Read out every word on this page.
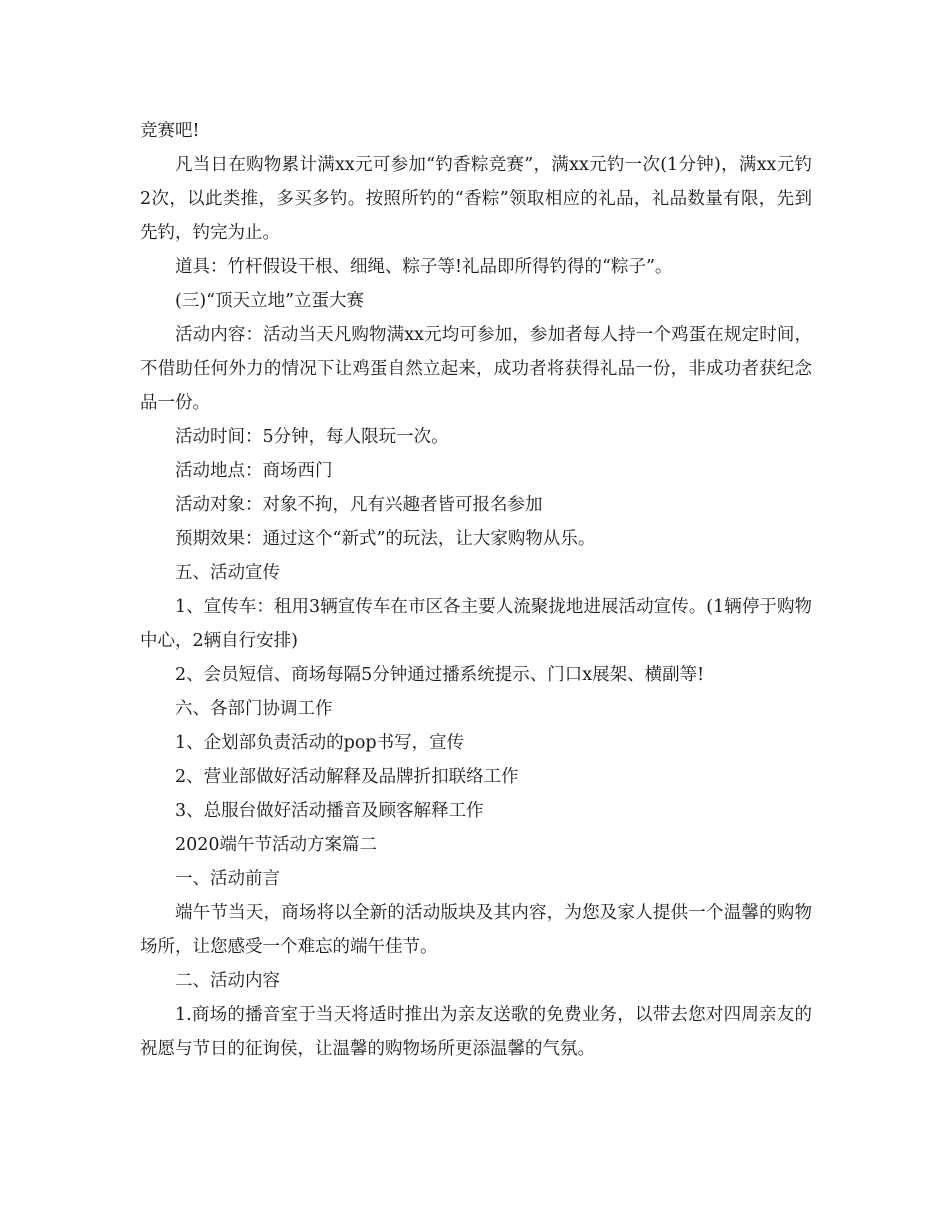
竞赛吧!

凡当日在购物累计满xx元可参加“钓香粽竞赛”，满xx元钓一次(1分钟)，满xx元钓2次，以此类推，多买多钓。按照所钓的“香粽”领取相应的礼品，礼品数量有限，先到先钓，钓完为止。

道具：竹杆假设干根、细绳、粽子等!礼品即所得钓得的“粽子”。

(三)“顶天立地”立蛋大赛

活动内容：活动当天凡购物满xx元均可参加，参加者每人持一个鸡蛋在规定时间，不借助任何外力的情况下让鸡蛋自然立起来，成功者将获得礼品一份，非成功者获纪念品一份。

活动时间：5分钟，每人限玩一次。

活动地点：商场西门

活动对象：对象不拘，凡有兴趣者皆可报名参加

预期效果：通过这个“新式”的玩法，让大家购物从乐。

五、活动宣传

1、宣传车：租用3辆宣传车在市区各主要人流聚拢地进展活动宣传。(1辆停于购物中心，2辆自行安排)

2、会员短信、商场每隔5分钟通过播系统提示、门口x展架、横副等!

六、各部门协调工作

1、企划部负责活动的pop书写，宣传

2、营业部做好活动解释及品牌折扣联络工作

3、总服台做好活动播音及顾客解释工作

2020端午节活动方案篇二

一、活动前言

端午节当天，商场将以全新的活动版块及其内容，为您及家人提供一个温馨的购物场所，让您感受一个难忘的端午佳节。

二、活动内容

1.商场的播音室于当天将适时推出为亲友送歌的免费业务，以带去您对四周亲友的祝愿与节日的征询侯，让温馨的购物场所更添温馨的气氛。
